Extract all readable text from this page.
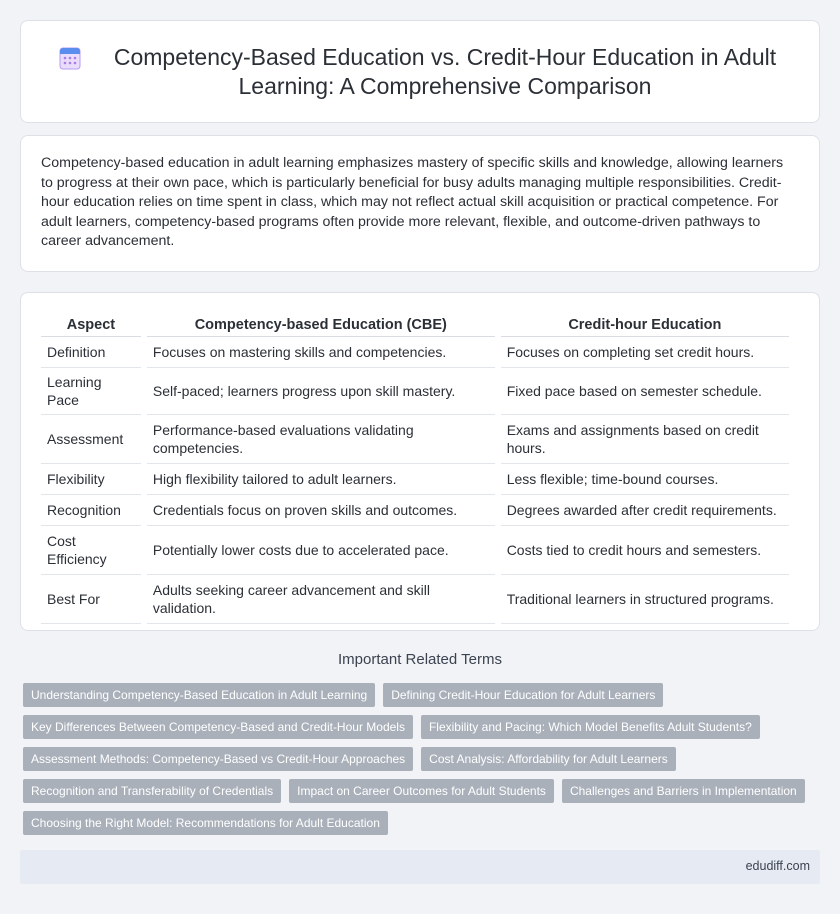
Competency-Based Education vs. Credit-Hour Education in Adult Learning: A Comprehensive Comparison

Competency-based education in adult learning emphasizes mastery of specific skills and knowledge, allowing learners to progress at their own pace, which is particularly beneficial for busy adults managing multiple responsibilities. Credit-hour education relies on time spent in class, which may not reflect actual skill acquisition or practical competence. For adult learners, competency-based programs often provide more relevant, flexible, and outcome-driven pathways to career advancement.

Aspect	Competency-based Education (CBE)	Credit-hour Education
Definition	Focuses on mastering skills and competencies.	Focuses on completing set credit hours.
Learning Pace	Self-paced; learners progress upon skill mastery.	Fixed pace based on semester schedule.
Assessment	Performance-based evaluations validating competencies.	Exams and assignments based on credit hours.
Flexibility	High flexibility tailored to adult learners.	Less flexible; time-bound courses.
Recognition	Credentials focus on proven skills and outcomes.	Degrees awarded after credit requirements.
Cost Efficiency	Potentially lower costs due to accelerated pace.	Costs tied to credit hours and semesters.
Best For	Adults seeking career advancement and skill validation.	Traditional learners in structured programs.
Important Related Terms
Understanding Competency-Based Education in Adult Learning	Defining Credit-Hour Education for Adult Learners
Key Differences Between Competency-Based and Credit-Hour Models	Flexibility and Pacing: Which Model Benefits Adult Students?
Assessment Methods: Competency-Based vs Credit-Hour Approaches	Cost Analysis: Affordability for Adult Learners
Recognition and Transferability of Credentials	Impact on Career Outcomes for Adult Students	Challenges and Barriers in Implementation
Choosing the Right Model: Recommendations for Adult Education
edudiff.com
